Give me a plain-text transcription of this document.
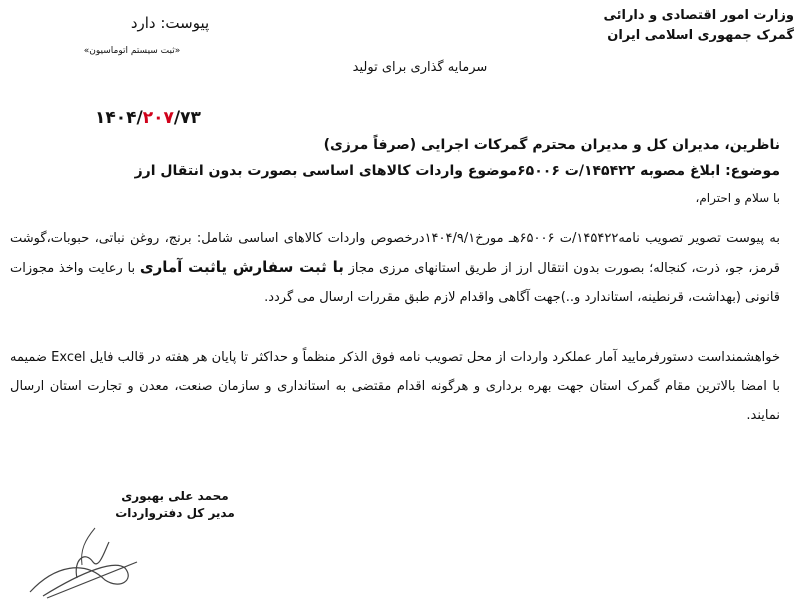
وزارت امور اقتصادی و دارائی
گمرک جمهوری اسلامی ایران
پیوست: دارد
«ثبت سیستم اتوماسیون»
سرمایه گذاری برای تولید
۱۴۰۴/۲۰۷/۷۳
ناظرین، مدیران کل و مدیران محترم گمرکات اجرایی (صرفاً مرزی)
موضوع: ابلاغ مصوبه ۱۴۵۴۲۲/ت ۶۵۰۰۶موضوع واردات کالاهای اساسی بصورت بدون انتقال ارز
با سلام و احترام،
به پیوست تصویر تصویب نامه۱۴۵۴۲۲/ت ۶۵۰۰۶هـ مورخ۱۴۰۴/۹/۱درخصوص واردات کالاهای اساسی شامل: برنج، روغن نباتی، حبوبات،گوشت قرمز، جو، ذرت، کنجاله؛ بصورت بدون انتقال ارز از طریق استانهای مرزی مجاز با ثبت سفارش یاثبت آماری با رعایت واخذ مجوزات قانونی (بهداشت، قرنطینه، استاندارد و..)جهت آگاهی واقدام لازم طبق مقررات ارسال می گردد.
خواهشمنداست دستورفرمایید آمار عملکرد واردات از محل تصویب نامه فوق الذکر منظماً و حداکثر تا پایان هر هفته در قالب فایل Excel ضمیمه با امضا بالاترین مقام گمرک استان جهت بهره برداری و هرگونه اقدام مقتضی به استانداری و سازمان صنعت، معدن و تجارت استان ارسال نمایند.
محمد علی بهبوری
مدیر کل دفترواردات
